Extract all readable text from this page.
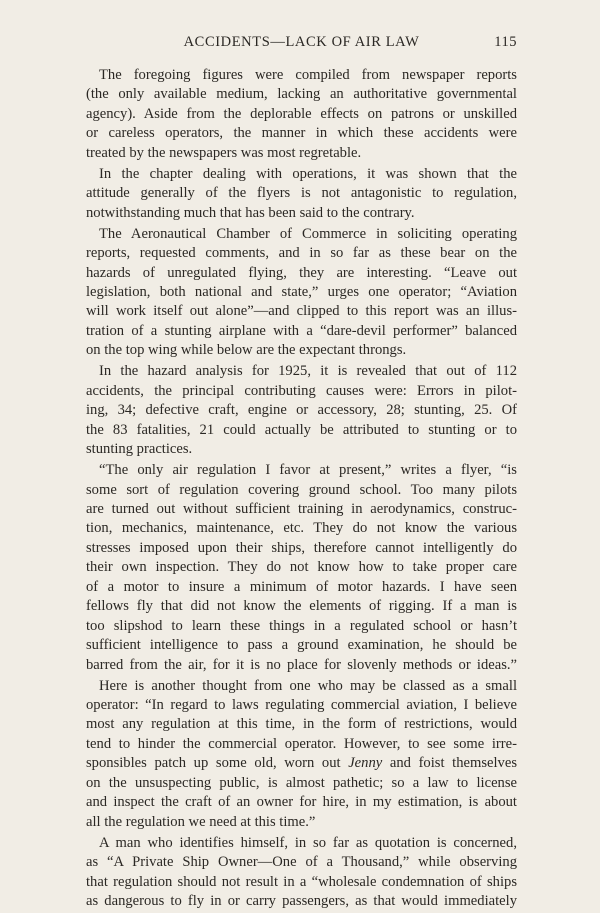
ACCIDENTS—LACK OF AIR LAW	115

The foregoing figures were compiled from newspaper reports
(the only available medium, lacking an authoritative governmental
agency). Aside from the deplorable effects on patrons or unskilled
or careless operators, the manner in which these accidents were
treated by the newspapers was most regretable.

In the chapter dealing with operations, it was shown that the
attitude generally of the flyers is not antagonistic to regulation,
notwithstanding much that has been said to the contrary.

The Aeronautical Chamber of Commerce in soliciting operating
reports, requested comments, and in so far as these bear on the
hazards of unregulated flying, they are interesting. “Leave out
legislation, both national and state,” urges one operator; “Aviation
will work itself out alone”—and clipped to this report was an illus-
tration of a stunting airplane with a “dare-devil performer” balanced
on the top wing while below are the expectant throngs.

In the hazard analysis for 1925, it is revealed that out of 112
accidents, the principal contributing causes were: Errors in pilot-
ing, 34; defective craft, engine or accessory, 28; stunting, 25. Of
the 83 fatalities, 21 could actually be attributed to stunting or to
stunting practices.

“The only air regulation I favor at present,” writes a flyer, “is
some sort of regulation covering ground school. Too many pilots
are turned out without sufficient training in aerodynamics, construc-
tion, mechanics, maintenance, etc. They do not know the various
stresses imposed upon their ships, therefore cannot intelligently do
their own inspection. They do not know how to take proper care
of a motor to insure a minimum of motor hazards. I have seen
fellows fly that did not know the elements of rigging. If a man is
too slipshod to learn these things in a regulated school or hasn’t
sufficient intelligence to pass a ground examination, he should be
barred from the air, for it is no place for slovenly methods or ideas.”

Here is another thought from one who may be classed as a small
operator: “In regard to laws regulating commercial aviation, I believe
most any regulation at this time, in the form of restrictions, would
tend to hinder the commercial operator. However, to see some irre-
sponsibles patch up some old, worn out Jenny and foist themselves
on the unsuspecting public, is almost pathetic; so a law to license
and inspect the craft of an owner for hire, in my estimation, is about
all the regulation we need at this time.”

A man who identifies himself, in so far as quotation is concerned,
as “A Private Ship Owner—One of a Thousand,” while observing
that regulation should not result in a “wholesale condemnation of ships
as dangerous to fly in or carry passengers, as that would immediately
